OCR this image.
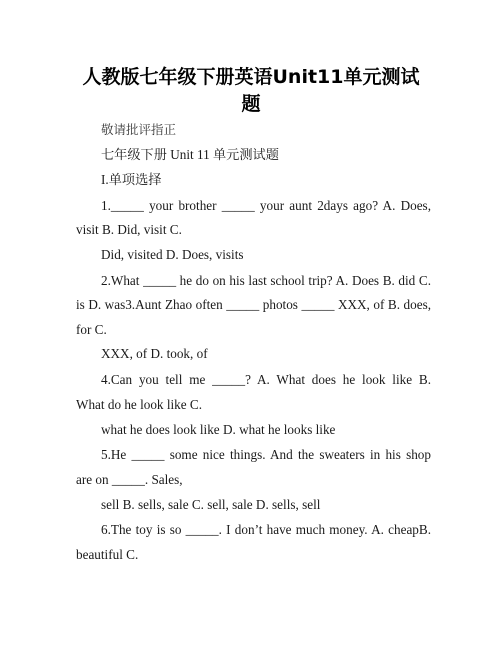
人教版七年级下册英语Unit11单元测试
题
敬请批评指正
七年级下册 Unit 11 单元测试题
I.单项选择
1._____ your brother _____ your aunt 2days ago? A. Does,
visit B. Did, visit C.
Did, visited D. Does, visits
2.What _____ he do on his last school trip? A. Does B. did C.
is D. was3.Aunt Zhao often _____ photos _____ XXX, of B. does,
for C.
XXX, of D. took, of
4.Can you tell me _____? A. What does he look like B.
What do he look like C.
what he does look like D. what he looks like
5.He _____ some nice things. And the sweaters in his shop
are on _____. Sales,
sell B. sells, sale C. sell, sale D. sells, sell
6.The toy is so _____. I don’t have much money. A. cheapB.
beautiful C.
